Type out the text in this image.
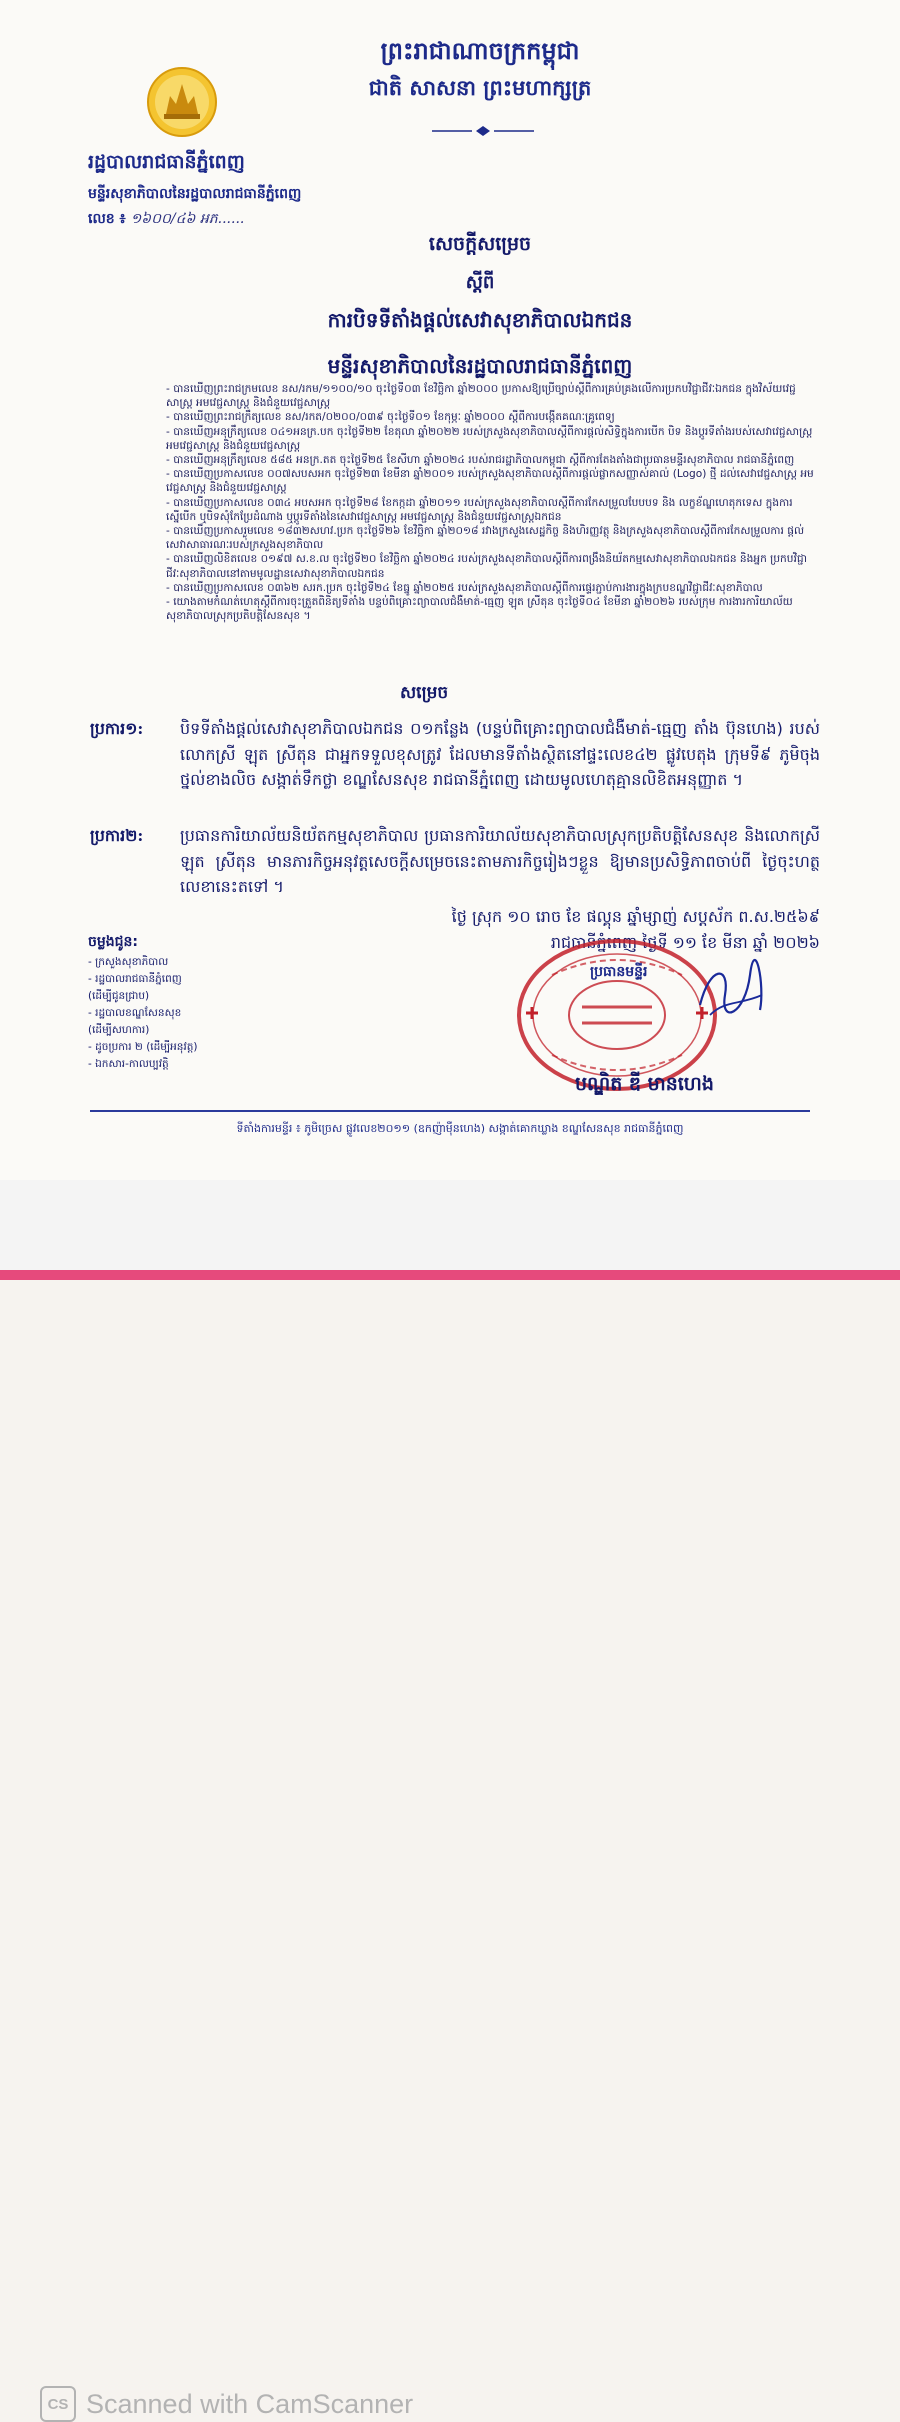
ព្រះរាជាណាចក្រកម្ពុជា
ជាតិ សាសនា ព្រះមហាក្សត្រ
រដ្ឋបាលរាជធានីភ្នំពេញ
មន្ទីរសុខាភិបាលនៃរដ្ឋបាលរាជធានីភ្នំពេញ
លេខ ៖ ១៦០០/៤៦ អភ......
សេចក្តីសម្រេច
ស្តីពី
ការបិទទីតាំងផ្តល់សេវាសុខាភិបាលឯកជន
មន្ទីរសុខាភិបាលនៃរដ្ឋបាលរាជធានីភ្នំពេញ
- បានឃើញព្រះរាជក្រមលេខ នស/រកម/១១០០/១០ ចុះថ្ងៃទី០៣ ខែវិច្ឆិកា ឆ្នាំ២០០០ ប្រកាសឱ្យប្រើច្បាប់ស្តីពីការគ្រប់គ្រងលើការប្រកបវិជ្ជាជីវៈឯកជន ក្នុងវិស័យវេជ្ជសាស្ត្រ អមវេជ្ជសាស្ត្រ និងជំនួយវេជ្ជសាស្ត្រ
- បានឃើញព្រះរាជក្រឹត្យលេខ នស/រកត/០២០០/០៣៩ ចុះថ្ងៃទី០១ ខែកុម្ភៈ ឆ្នាំ២០០០ ស្តីពីការបង្កើតគណៈគ្រូពេទ្យ
- បានឃើញអនុក្រឹត្យលេខ ០៤១អនក្រ.បក ចុះថ្ងៃទី២២ ខែតុលា ឆ្នាំ២០២២ របស់ក្រសួងសុខាភិបាលស្តីពីការផ្តល់សិទ្ធិក្នុងការបើក បិទ និងប្តូរទីតាំងរបស់សេវាវេជ្ជសាស្ត្រ អមវេជ្ជសាស្ត្រ និងជំនួយវេជ្ជសាស្ត្រ
- បានឃើញអនុក្រឹត្យលេខ ៥៨៥ អនក្រ.តត ចុះថ្ងៃទី២៥ ខែសីហា ឆ្នាំ២០២៤ របស់រាជរដ្ឋាភិបាលកម្ពុជា ស្តីពីការតែងតាំងជាប្រធានមន្ទីរសុខាភិបាល រាជធានីភ្នំពេញ
- បានឃើញប្រកាសលេខ ០០៧សបសអក ចុះថ្ងៃទី២៣ ខែមីនា ឆ្នាំ២០០១ របស់ក្រសួងសុខាភិបាលស្តីពីការផ្តល់ផ្លាកសញ្ញាស់គាល់ (Logo) ថ្មី ដល់សេវាវេជ្ជសាស្ត្រ អមវេជ្ជសាស្ត្រ និងជំនួយវេជ្ជសាស្ត្រ
- បានឃើញប្រកាសលេខ ០៣៤ អបសអក ចុះថ្ងៃទី២៨ ខែកក្កដា ឆ្នាំ២០១១ របស់ក្រសួងសុខាភិបាលស្តីពីការកែសម្រួលបែបបទ និង លក្ខខ័ណ្ឌហេតុកទេស ក្នុងការស្នើបើក ឬបិទសុំកែប្រែដំណាង ឬប្តូរទីតាំងនៃសេវាវេជ្ជសាស្ត្រ អមវេជ្ជសាស្ត្រ និងជំនួយវេជ្ជសាស្ត្រឯកជន
- បានឃើញប្រកាសរួមលេខ ១៨៣២សហវ.ប្រក ចុះថ្ងៃទី២៦ ខែវិច្ឆិកា ឆ្នាំ២០១៨ រវាងក្រសួងសេដ្ឋកិច្ច និងហិរញ្ញវត្ថុ និងក្រសួងសុខាភិបាលស្តីពីការកែសម្រួលការ ផ្តល់សេវាសាធារណៈរបស់ក្រសួងសុខាភិបាល
- បានឃើញលិខិតលេខ ០១៩៧ ស.ខ.ល ចុះថ្ងៃទី២០ ខែវិច្ឆិកា ឆ្នាំ២០២៤ របស់ក្រសួងសុខាភិបាលស្តីពីការពង្រឹងនិយ័តកម្មសេវាសុខាភិបាលឯកជន និងអ្នក ប្រកបវិជ្ជាជីវៈសុខាភិបាលនៅតាមមូលដ្ឋានសេវាសុខាភិបាលឯកជន
- បានឃើញប្រកាសលេខ ០៣៦២ សរក.ប្រក ចុះថ្ងៃទី២៤ ខែធ្នូ ឆ្នាំ២០២៥ របស់ក្រសួងសុខាភិបាលស្តីពីការផ្ទេរភ្ជាប់ការងារក្នុងក្របខណ្ឌវិជ្ជាជីវៈសុខាភិបាល
- យោងតាមកំណត់ហេតុស្តីពីការចុះត្រួតពិនិត្យទីតាំង បន្ទប់ពិគ្រោះព្យាបាលជំងឺមាត់-ធ្មេញ ឡុត ស្រីតុន ចុះថ្ងៃទី០៤ ខែមីនា ឆ្នាំ២០២៦ របស់ក្រុម ការងារការិយាល័យសុខាភិបាលស្រុកប្រតិបត្តិសែនសុខ ។
សម្រេច
ប្រការ១: បិទទីតាំងផ្តល់សេវាសុខាភិបាលឯកជន ០១កន្លែង (បន្ទប់ពិគ្រោះព្យាបាលជំងឺមាត់-ធ្មេញ តាំង ប៊ុនហេង) របស់លោកស្រី ឡុត ស្រីតុន ជាអ្នកទទួលខុសត្រូវ ដែលមានទីតាំងស្ថិតនៅផ្ទះលេខ៤២ ផ្លូវបេតុង ក្រុមទី៩ ភូមិចុងថ្នល់ខាងលិច សង្កាត់ទឹកថ្លា ខណ្ឌសែនសុខ រាជធានីភ្នំពេញ ដោយមូលហេតុគ្មានលិខិតអនុញ្ញាត ។
ប្រការ២: ប្រធានការិយាល័យនិយ័តកម្មសុខាភិបាល ប្រធានការិយាល័យសុខាភិបាលស្រុកប្រតិបត្តិសែនសុខ និងលោកស្រី ឡុត ស្រីតុន មានភារកិច្ចអនុវត្តសេចក្តីសម្រេចនេះតាមភារកិច្ចរៀងៗខ្លួន ឱ្យមានប្រសិទ្ធិភាពចាប់ពី ថ្ងៃចុះហត្ថលេខានេះតទៅ ។
ថ្ងៃ ស្រុក ១០ រោច ខែ ផល្គុន ឆ្នាំម្សាញ់ សប្តស័ក ព.ស.២៥៦៩
រាជធានីភ្នំពេញ ថ្ងៃទី ១១ ខែ មីនា ឆ្នាំ ២០២៦
ចម្លងជូន:
- ក្រសួងសុខាភិបាល
- រដ្ឋបាលរាជធានីភ្នំពេញ
(ដើម្បីជូនជ្រាប)
- រដ្ឋបាលខណ្ឌសែនសុខ
(ដើម្បីសហការ)
- ដូចប្រការ ២ (ដើម្បីអនុវត្ត)
- ឯកសារ-កាលប្បវត្តិ
ប្រធានមន្ទីរ
បណ្ឌិត ឌី មានហេង
ទីតាំងការមន្ទីរ ៖ ភូមិច្រេស ផ្លូវលេខ២០១១ (ឧកញ៉ាម៉ឺនហេង) សង្កាត់គោកឃ្លាង ខណ្ឌសែនសុខ រាជធានីភ្នំពេញ
CS Scanned with CamScanner
